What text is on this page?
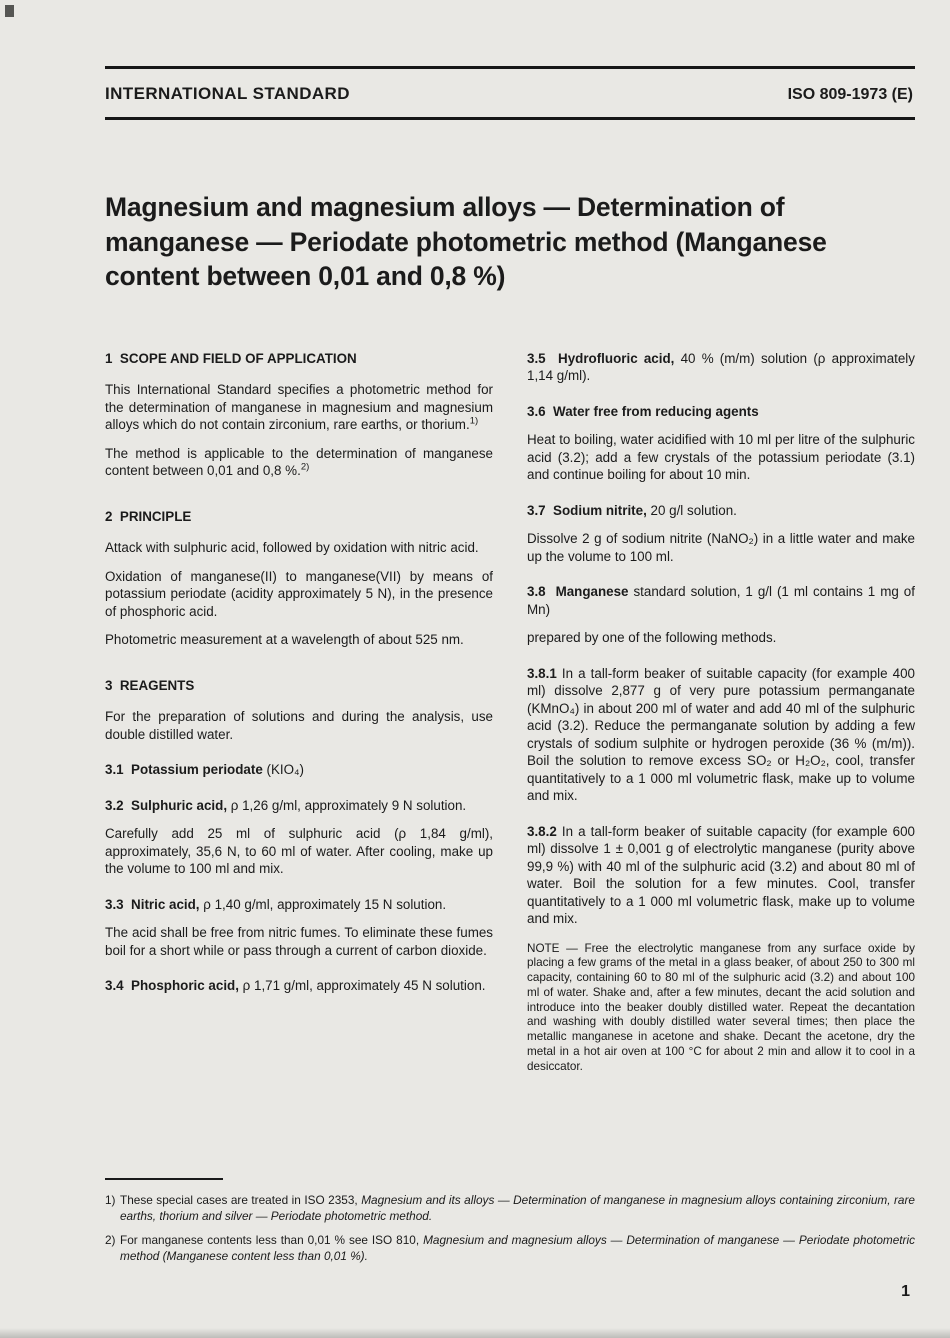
INTERNATIONAL STANDARD	ISO 809-1973 (E)
Magnesium and magnesium alloys — Determination of manganese — Periodate photometric method (Manganese content between 0,01 and 0,8 %)

1  SCOPE AND FIELD OF APPLICATION

This International Standard specifies a photometric method for the determination of manganese in magnesium and magnesium alloys which do not contain zirconium, rare earths, or thorium.$^{1)}$

The method is applicable to the determination of manganese content between 0,01 and 0,8 %.$^{2)}$

2  PRINCIPLE

Attack with sulphuric acid, followed by oxidation with nitric acid.

Oxidation of manganese(II) to manganese(VII) by means of potassium periodate (acidity approximately 5 N), in the presence of phosphoric acid.

Photometric measurement at a wavelength of about 525 nm.

3  REAGENTS

For the preparation of solutions and during the analysis, use double distilled water.

3.1  Potassium periodate (KIO₄)

3.2  Sulphuric acid, ρ 1,26 g/ml, approximately 9 N solution.

Carefully add 25 ml of sulphuric acid (ρ 1,84 g/ml), approximately, 35,6 N, to 60 ml of water. After cooling, make up the volume to 100 ml and mix.

3.3  Nitric acid, ρ 1,40 g/ml, approximately 15 N solution.

The acid shall be free from nitric fumes. To eliminate these fumes boil for a short while or pass through a current of carbon dioxide.

3.4  Phosphoric acid, ρ 1,71 g/ml, approximately 45 N solution.

3.5  Hydrofluoric acid, 40 % (m/m) solution (ρ approximately 1,14 g/ml).

3.6  Water free from reducing agents

Heat to boiling, water acidified with 10 ml per litre of the sulphuric acid (3.2); add a few crystals of the potassium periodate (3.1) and continue boiling for about 10 min.

3.7  Sodium nitrite, 20 g/l solution.

Dissolve 2 g of sodium nitrite (NaNO₂) in a little water and make up the volume to 100 ml.

3.8  Manganese standard solution, 1 g/l (1 ml contains 1 mg of Mn)

prepared by one of the following methods.

3.8.1 In a tall-form beaker of suitable capacity (for example 400 ml) dissolve 2,877 g of very pure potassium permanganate (KMnO₄) in about 200 ml of water and add 40 ml of the sulphuric acid (3.2). Reduce the permanganate solution by adding a few crystals of sodium sulphite or hydrogen peroxide (36 % (m/m)). Boil the solution to remove excess SO₂ or H₂O₂, cool, transfer quantitatively to a 1 000 ml volumetric flask, make up to volume and mix.

3.8.2 In a tall-form beaker of suitable capacity (for example 600 ml) dissolve 1 ± 0,001 g of electrolytic manganese (purity above 99,9 %) with 40 ml of the sulphuric acid (3.2) and about 80 ml of water. Boil the solution for a few minutes. Cool, transfer quantitatively to a 1 000 ml volumetric flask, make up to volume and mix.

NOTE — Free the electrolytic manganese from any surface oxide by placing a few grams of the metal in a glass beaker, of about 250 to 300 ml capacity, containing 60 to 80 ml of the sulphuric acid (3.2) and about 100 ml of water. Shake and, after a few minutes, decant the acid solution and introduce into the beaker doubly distilled water. Repeat the decantation and washing with doubly distilled water several times; then place the metallic manganese in acetone and shake. Decant the acetone, dry the metal in a hot air oven at 100 °C for about 2 min and allow it to cool in a desiccator.

1) These special cases are treated in ISO 2353, Magnesium and its alloys — Determination of manganese in magnesium alloys containing zirconium, rare earths, thorium and silver — Periodate photometric method.

2) For manganese contents less than 0,01 % see ISO 810, Magnesium and magnesium alloys — Determination of manganese — Periodate photometric method (Manganese content less than 0,01 %).

1
